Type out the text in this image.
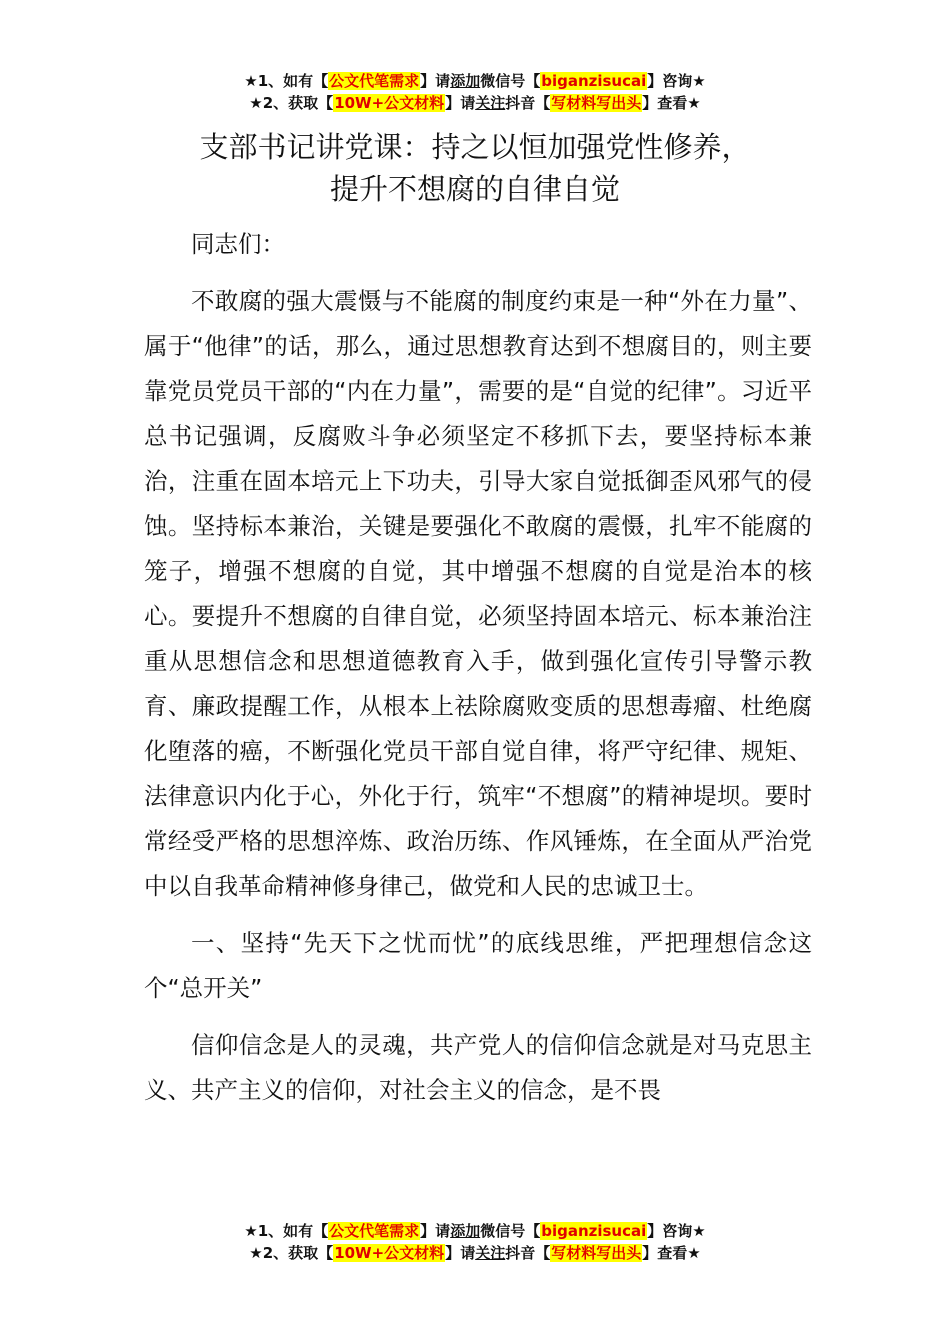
★1、如有【公文代笔需求】请添加微信号【biganzisucai】咨询★
★2、获取【10W+公文材料】请关注抖音【写材料写出头】查看★
支部书记讲党课：持之以恒加强党性修养，
提升不想腐的自律自觉

同志们：

不敢腐的强大震慑与不能腐的制度约束是一种“外在力量”、属于“他律”的话，那么，通过思想教育达到不想腐目的，则主要靠党员党员干部的“内在力量”，需要的是“自觉的纪律”。习近平总书记强调，反腐败斗争必须坚定不移抓下去，要坚持标本兼治，注重在固本培元上下功夫，引导大家自觉抵御歪风邪气的侵蚀。坚持标本兼治，关键是要强化不敢腐的震慑，扎牢不能腐的笼子，增强不想腐的自觉，其中增强不想腐的自觉是治本的核心。要提升不想腐的自律自觉，必须坚持固本培元、标本兼治注重从思想信念和思想道德教育入手，做到强化宣传引导警示教育、廉政提醒工作，从根本上祛除腐败变质的思想毒瘤、杜绝腐化堕落的癌，不断强化党员干部自觉自律，将严守纪律、规矩、法律意识内化于心，外化于行，筑牢“不想腐”的精神堤坝。要时常经受严格的思想淬炼、政治历练、作风锤炼，在全面从严治党中以自我革命精神修身律己，做党和人民的忠诚卫士。

一、坚持“先天下之忧而忧”的底线思维，严把理想信念这个“总开关”

信仰信念是人的灵魂，共产党人的信仰信念就是对马克思主义、共产主义的信仰，对社会主义的信念，是不畏

★1、如有【公文代笔需求】请添加微信号【biganzisucai】咨询★
★2、获取【10W+公文材料】请关注抖音【写材料写出头】查看★
